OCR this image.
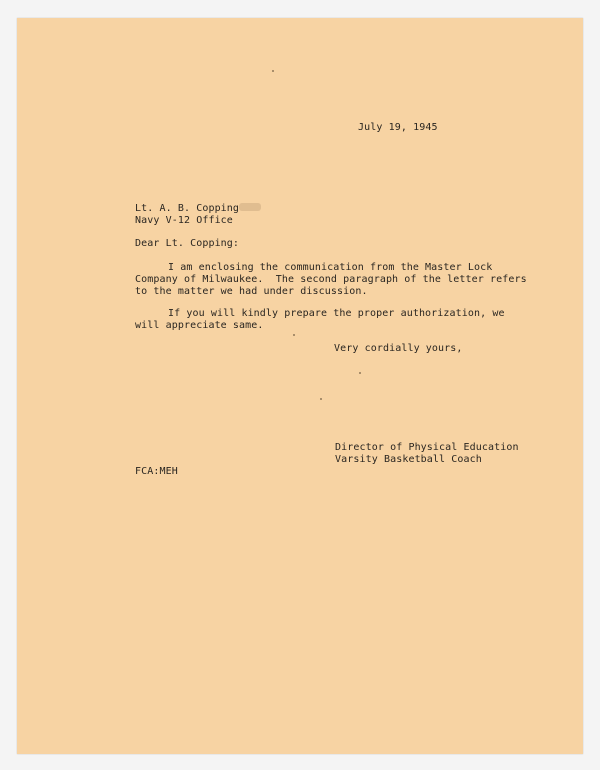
July 19, 1945
Lt. A. B. Copping
Navy V-12 Office
Dear Lt. Copping:
I am enclosing the communication from the Master Lock
Company of Milwaukee.  The second paragraph of the letter refers
to the matter we had under discussion.
If you will kindly prepare the proper authorization, we
will appreciate same.
Very cordially yours,
Director of Physical Education
Varsity Basketball Coach
FCA:MEH
